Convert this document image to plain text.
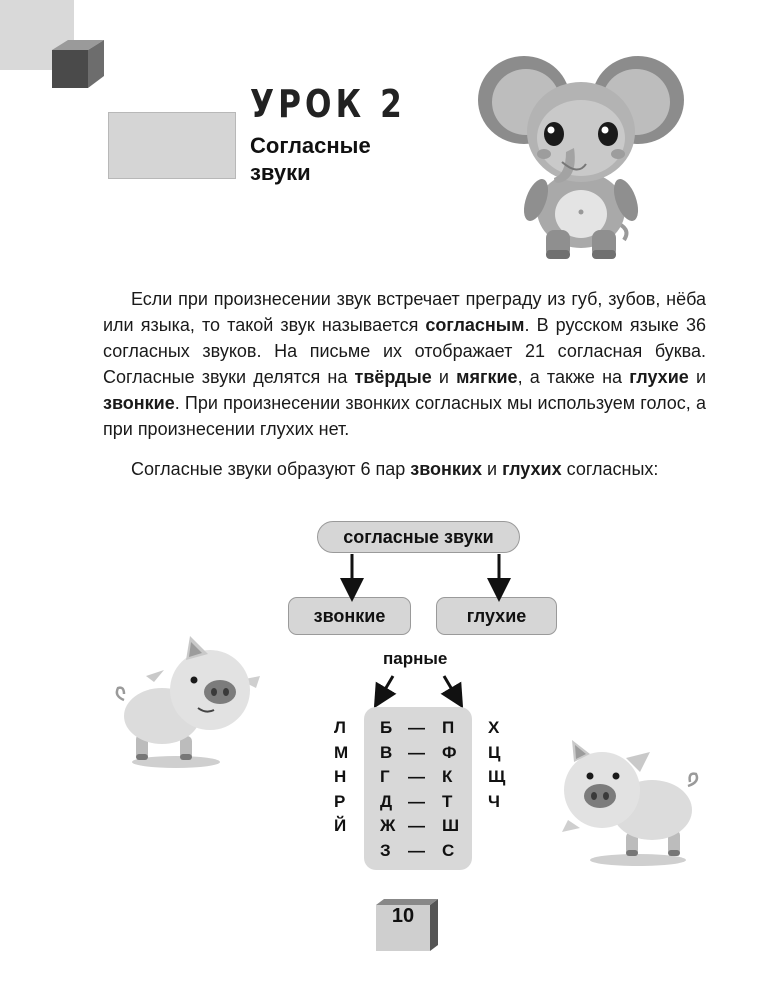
УРОК 2
Согласные
звуки
Если при произнесении звук встречает преграду из губ, зубов, нёба или языка, то такой звук называется согласным. В русском языке 36 согласных звуков. На письме их отображает 21 согласная буква. Согласные звуки делятся на твёрдые и мягкие, а также на глухие и звонкие. При произнесении звонких согласных мы используем голос, а при произнесении глухих нет.
Согласные звуки образуют 6 пар звонких и глухих согласных:
согласные звуки
звонкие	глухие
парные
Б — П
В — Ф
Г — К
Д — Т
Ж — Ш
З — С
Л
М
Н
Р
Й
Х
Ц
Щ
Ч
10
